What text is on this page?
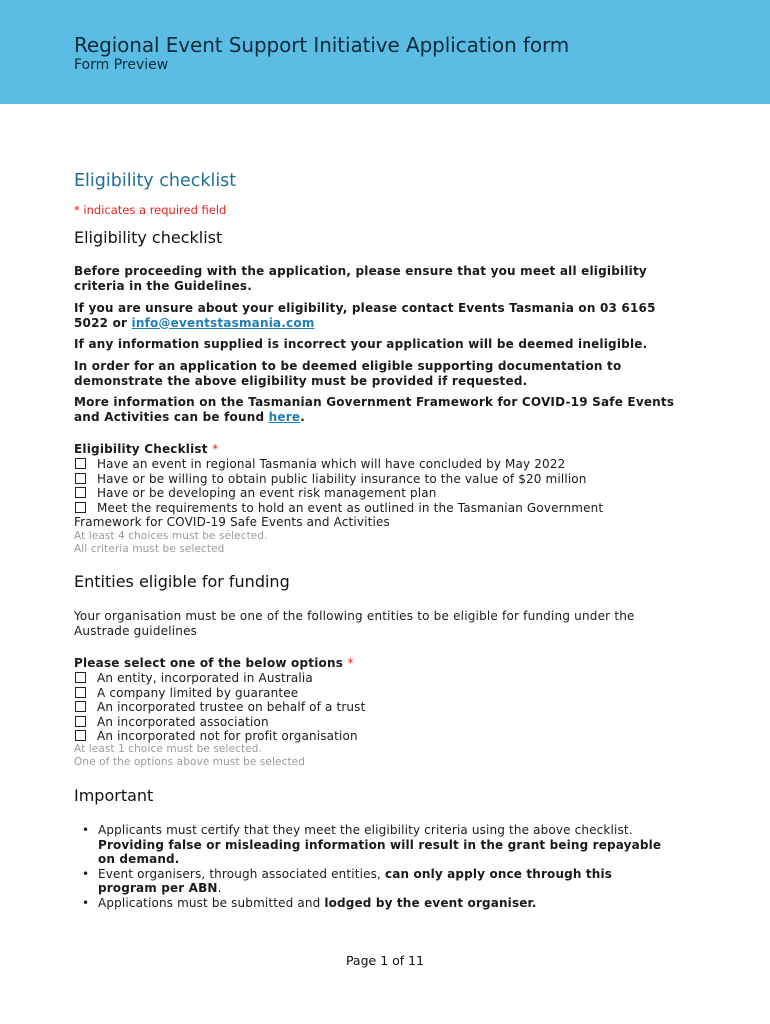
Regional Event Support Initiative Application form
Form Preview
Eligibility checklist
* indicates a required field
Eligibility checklist

Before proceeding with the application, please ensure that you meet all eligibility criteria in the Guidelines.

If you are unsure about your eligibility, please contact Events Tasmania on 03 6165 5022 or info@eventstasmania.com

If any information supplied is incorrect your application will be deemed ineligible.

In order for an application to be deemed eligible supporting documentation to demonstrate the above eligibility must be provided if requested.

More information on the Tasmanian Government Framework for COVID-19 Safe Events and Activities can be found here.

Eligibility Checklist *
Have an event in regional Tasmania which will have concluded by May 2022
Have or be willing to obtain public liability insurance to the value of $20 million
Have or be developing an event risk management plan
Meet the requirements to hold an event as outlined in the Tasmanian Government Framework for COVID-19 Safe Events and Activities
At least 4 choices must be selected.
All criteria must be selected
Entities eligible for funding

Your organisation must be one of the following entities to be eligible for funding under the Austrade guidelines

Please select one of the below options *
An entity, incorporated in Australia
A company limited by guarantee
An incorporated trustee on behalf of a trust
An incorporated association
An incorporated not for profit organisation
At least 1 choice must be selected.
One of the options above must be selected
Important
• Applicants must certify that they meet the eligibility criteria using the above checklist. Providing false or misleading information will result in the grant being repayable on demand.
• Event organisers, through associated entities, can only apply once through this program per ABN.
• Applications must be submitted and lodged by the event organiser.
Page 1 of 11
